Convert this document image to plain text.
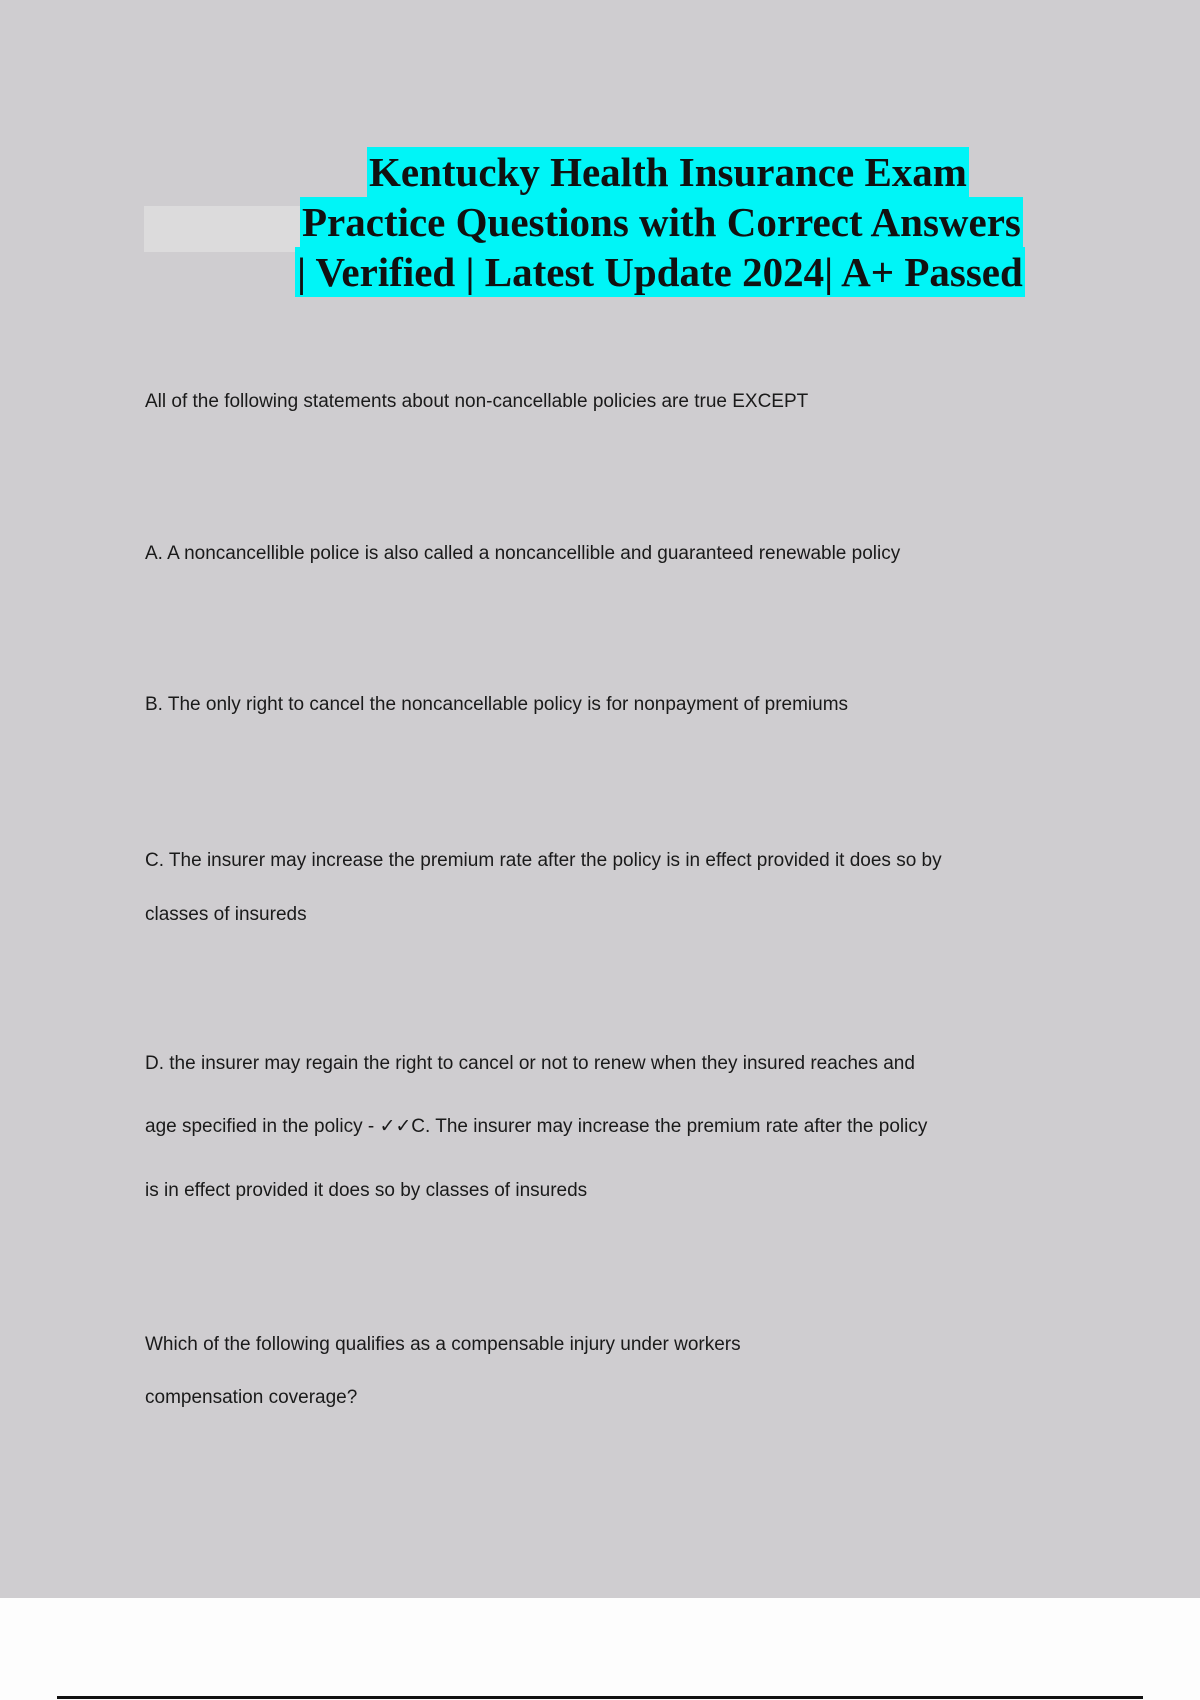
Kentucky Health Insurance Exam
Practice Questions with Correct Answers
| Verified | Latest Update 2024| A+ Passed
All of the following statements about non-cancellable policies are true EXCEPT
A. A noncancellible police is also called a noncancellible and guaranteed renewable policy
B. The only right to cancel the noncancellable policy is for nonpayment of premiums
C. The insurer may increase the premium rate after the policy is in effect provided it does so by
classes of insureds
D. the insurer may regain the right to cancel or not to renew when they insured reaches and
age specified in the policy - ✓✓C. The insurer may increase the premium rate after the policy
is in effect provided it does so by classes of insureds
Which of the following qualifies as a compensable injury under workers
compensation coverage?
